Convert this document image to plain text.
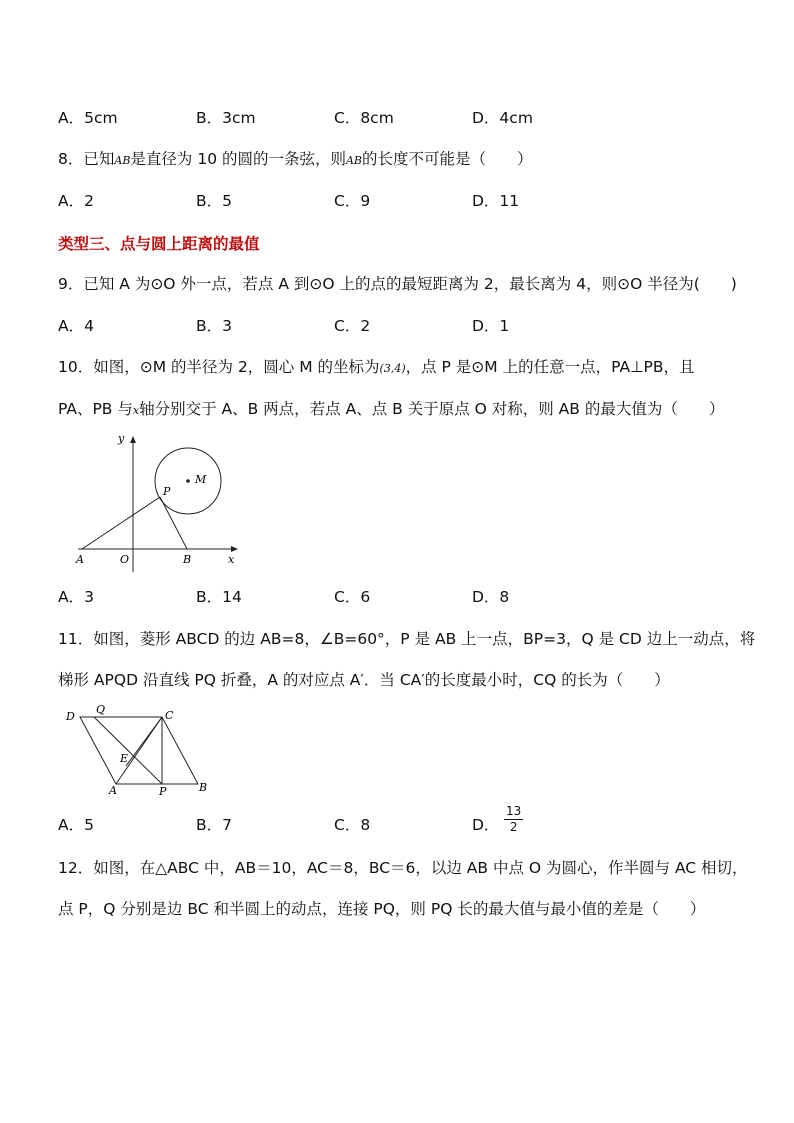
A．5cm	B．3cm	C．8cm	D．4cm
8．已知AB是直径为 10 的圆的一条弦，则AB的长度不可能是（　　）
A．2	B．5	C．9	D．11
类型三、点与圆上距离的最值
9．已知 A 为⊙O 外一点，若点 A 到⊙O 上的点的最短距离为 2，最长离为 4，则⊙O 半径为(　　)
A．4	B．3	C．2	D．1
10．如图，⊙M 的半径为 2，圆心 M 的坐标为(3,4)，点 P 是⊙M 上的任意一点，PA⊥PB，且
PA、PB 与x轴分别交于 A、B 两点，若点 A、点 B 关于原点 O 对称，则 AB 的最大值为（　　）
y
x
M
P
A	O	B
A．3	B．14	C．6	D．8
11．如图，菱形 ABCD 的边 AB=8，∠B=60°，P 是 AB 上一点，BP=3，Q 是 CD 边上一动点，将
梯形 APQD 沿直线 PQ 折叠，A 的对应点 A′．当 CA′的长度最小时，CQ 的长为（　　）
D
Q	C
E
A	P	B
A．5	B．7	C．8	D． $\frac{13}{2}$
12．如图，在△ABC 中，AB＝10，AC＝8，BC＝6，以边 AB 中点 O 为圆心，作半圆与 AC 相切，
点 P，Q 分别是边 BC 和半圆上的动点，连接 PQ，则 PQ 长的最大值与最小值的差是（　　）
